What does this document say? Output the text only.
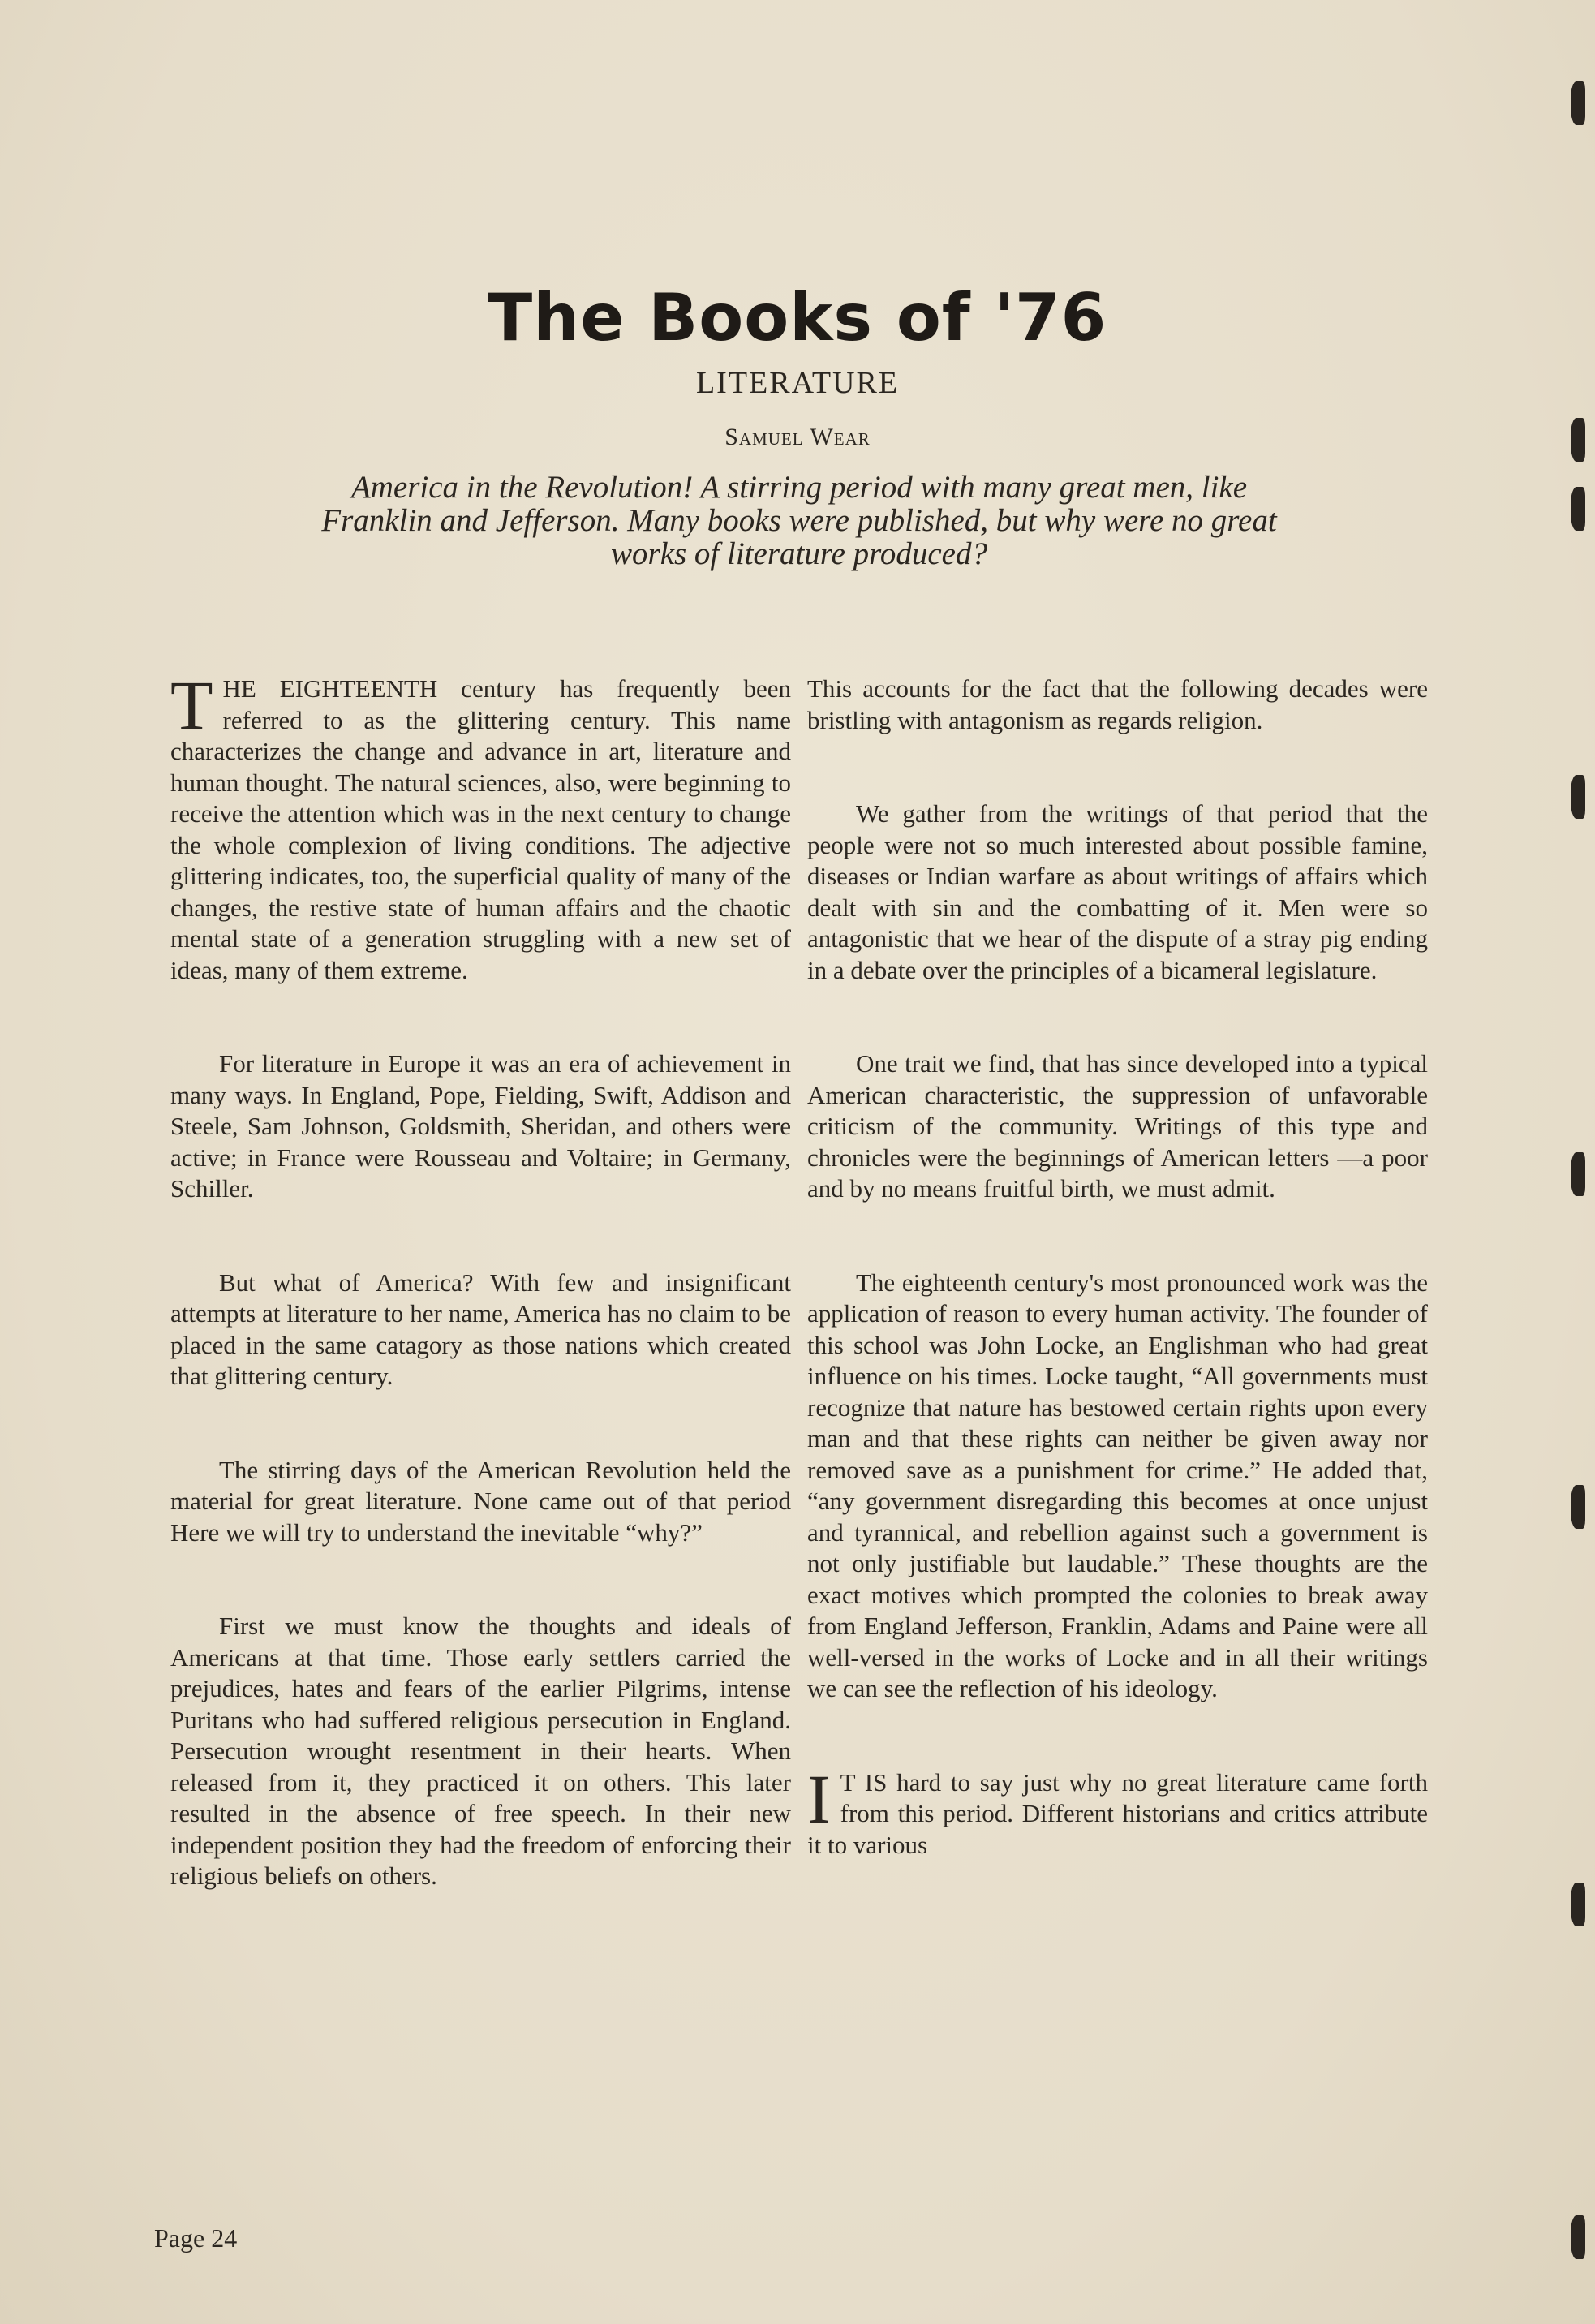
The Books of '76
LITERATURE
Samuel Wear
America in the Revolution! A stirring period with many great men, like Franklin and Jefferson. Many books were published, but why were no great works of literature produced?

THE EIGHTEENTH century has frequently been referred to as the glittering century. This name characterizes the change and advance in art, literature and human thought. The natural sciences, also, were beginning to receive the attention which was in the next century to change the whole complexion of living conditions. The adjective glittering indicates, too, the superficial quality of many of the changes, the restive state of human affairs and the chaotic mental state of a generation struggling with a new set of ideas, many of them extreme.

For literature in Europe it was an era of achievement in many ways. In England, Pope, Fielding, Swift, Addison and Steele, Sam Johnson, Goldsmith, Sheridan, and others were active; in France were Rousseau and Voltaire; in Germany, Schiller.

But what of America? With few and insignificant attempts at literature to her name, America has no claim to be placed in the same catagory as those nations which created that glittering century.

The stirring days of the American Revolution held the material for great literature. None came out of that period Here we will try to understand the inevitable “why?”

First we must know the thoughts and ideals of Americans at that time. Those early settlers carried the prejudices, hates and fears of the earlier Pilgrims, intense Puritans who had suffered religious persecution in England. Persecution wrought resentment in their hearts. When released from it, they practiced it on others. This later resulted in the absence of free speech. In their new independent position they had the freedom of enforcing their religious beliefs on others.

This accounts for the fact that the following decades were bristling with antagonism as regards religion.

We gather from the writings of that period that the people were not so much interested about possible famine, diseases or Indian warfare as about writings of affairs which dealt with sin and the combatting of it. Men were so antagonistic that we hear of the dispute of a stray pig ending in a debate over the principles of a bicameral legislature.

One trait we find, that has since developed into a typical American characteristic, the suppression of unfavorable criticism of the community. Writings of this type and chronicles were the beginnings of American letters —a poor and by no means fruitful birth, we must admit.

The eighteenth century's most pronounced work was the application of reason to every human activity. The founder of this school was John Locke, an Englishman who had great influence on his times. Locke taught, “All governments must recognize that nature has bestowed certain rights upon every man and that these rights can neither be given away nor removed save as a punishment for crime.” He added that, “any government disregarding this becomes at once unjust and tyrannical, and rebellion against such a government is not only justifiable but laudable.” These thoughts are the exact motives which prompted the colonies to break away from England Jefferson, Franklin, Adams and Paine were all well-versed in the works of Locke and in all their writings we can see the reflection of his ideology.

I T IS hard to say just why no great literature came forth from this period. Different historians and critics attribute it to various

Page 24
